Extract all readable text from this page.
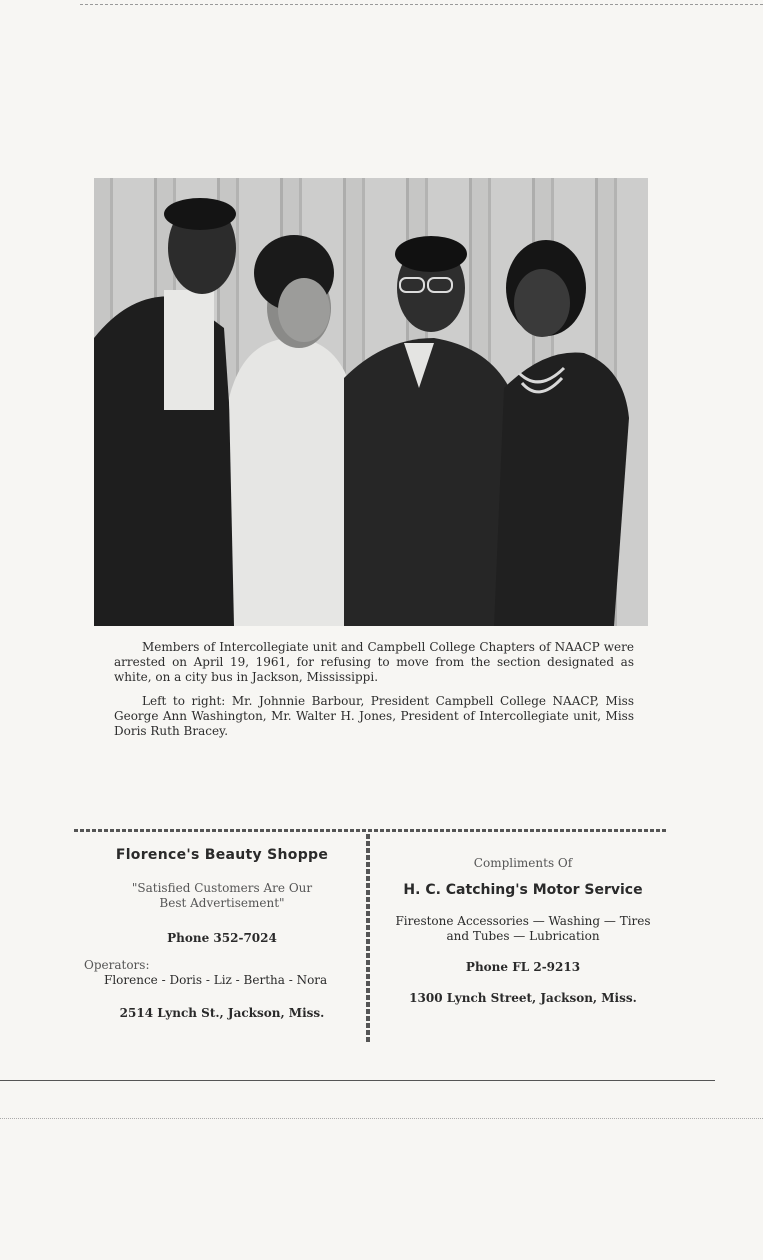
Members of Intercollegiate unit and Campbell College Chapters of NAACP were arrested on April 19, 1961, for refusing to move from the section designated as white, on a city bus in Jackson, Mississippi.

Left to right: Mr. Johnnie Barbour, President Campbell College NAACP, Miss George Ann Washington, Mr. Walter H. Jones, President of Intercollegiate unit, Miss Doris Ruth Bracey.

Florence's Beauty Shoppe
"Satisfied Customers Are Our
Best Advertisement"
Phone 352-7024
Operators:
Florence - Doris - Liz - Bertha - Nora
2514 Lynch St., Jackson, Miss.
Compliments Of
H. C. Catching's Motor Service
Firestone Accessories — Washing — Tires
and Tubes — Lubrication
Phone FL 2-9213
1300 Lynch Street, Jackson, Miss.
